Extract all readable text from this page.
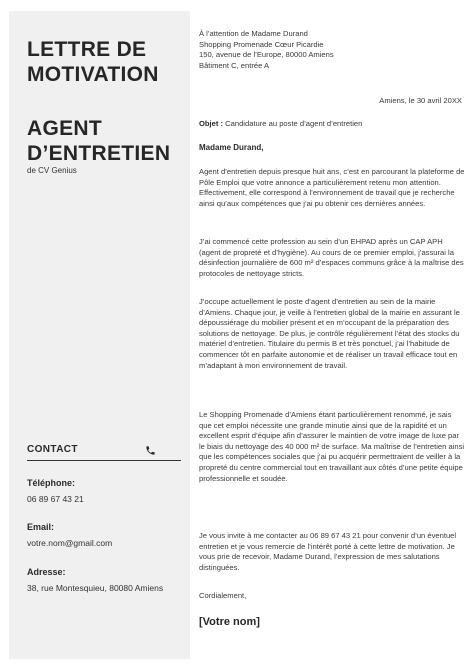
LETTRE DE
MOTIVATION
AGENT
D’ENTRETIEN
de CV Genius
CONTACT
Téléphone:
06 89 67 43 21
Email:
votre.nom@gmail.com
Adresse:
38, rue Montesquieu, 80080 Amiens
À l’attention de Madame Durand
Shopping Promenade Cœur Picardie
150, avenue de l’Europe, 80000 Amiens
Bâtiment C, entrée A
Amiens, le 30 avril 20XX
Objet : Candidature au poste d’agent d’entretien
Madame Durand,

Agent d’entretien depuis presque huit ans, c’est en parcourant la plateforme de Pôle Emploi que votre annonce a particulièrement retenu mon attention. Effectivement, elle correspond à l’environnement de travail que je recherche ainsi qu’aux compétences que j’ai pu obtenir ces dernières années.

J’ai commencé cette profession au sein d’un EHPAD après un CAP APH (agent de propreté et d’hygiène). Au cours de ce premier emploi, j’assurai la désinfection journalière de 600 m² d’espaces communs grâce à la maîtrise des protocoles de nettoyage stricts.

J’occupe actuellement le poste d’agent d’entretien au sein de la mairie d’Amiens. Chaque jour, je veille à l’entretien global de la mairie en assurant le dépoussiérage du mobilier présent et en m’occupant de la préparation des solutions de nettoyage. De plus, je contrôle régulièrement l’état des stocks du matériel d’entretien. Titulaire du permis B et très ponctuel, j’ai l’habitude de commencer tôt en parfaite autonomie et de réaliser un travail efficace tout en m’adaptant à mon environnement de travail.

Le Shopping Promenade d’Amiens étant particulièrement renommé, je sais que cet emploi nécessite une grande minutie ainsi que de la rapidité et un excellent esprit d’équipe afin d’assurer le maintien de votre image de luxe par le biais du nettoyage des 40 000 m² de surface. Ma maîtrise de l’entretien ainsi que les compétences sociales que j’ai pu acquérir permettraient de veiller à la propreté du centre commercial tout en travaillant aux côtés d’une petite équipe professionnelle et soudée.

Je vous invite à me contacter au 06 89 67 43 21 pour convenir d’un éventuel entretien et je vous remercie de l’intérêt porté à cette lettre de motivation. Je vous prie de recevoir, Madame Durand, l’expression de mes salutations distinguées.

Cordialement,

[Votre nom]
